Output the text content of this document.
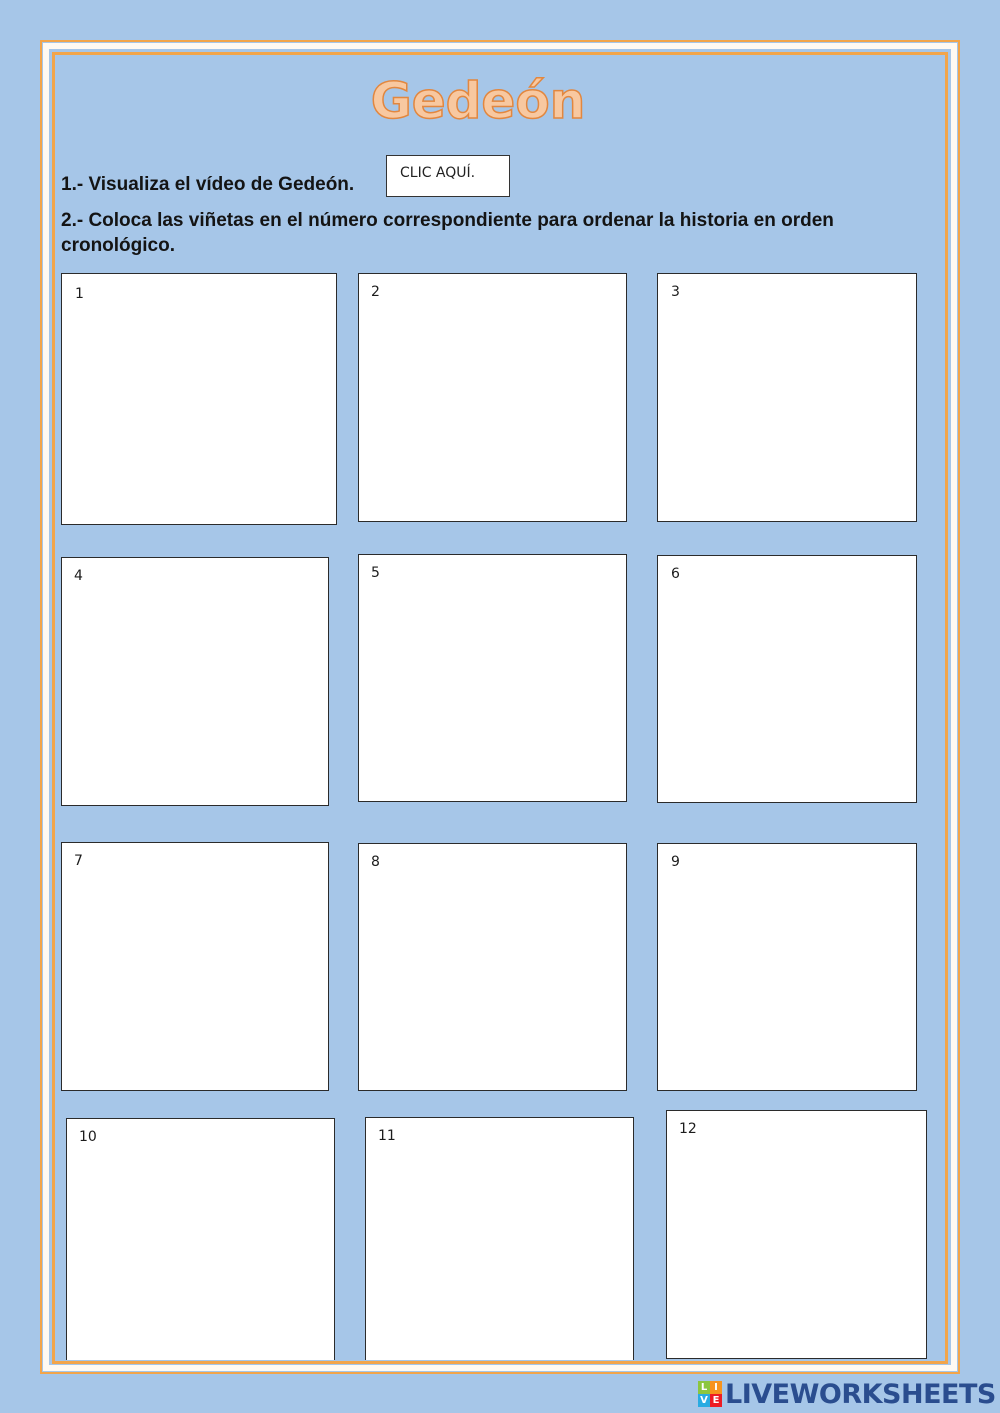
Gedeón
1.- Visualiza el vídeo de Gedeón.
CLIC AQUÍ.
2.- Coloca las viñetas en el número correspondiente para ordenar la historia en orden cronológico.
1	2	3
4	5	6
7	8	9
10	11	12
L I
V E LIVEWORKSHEETS
